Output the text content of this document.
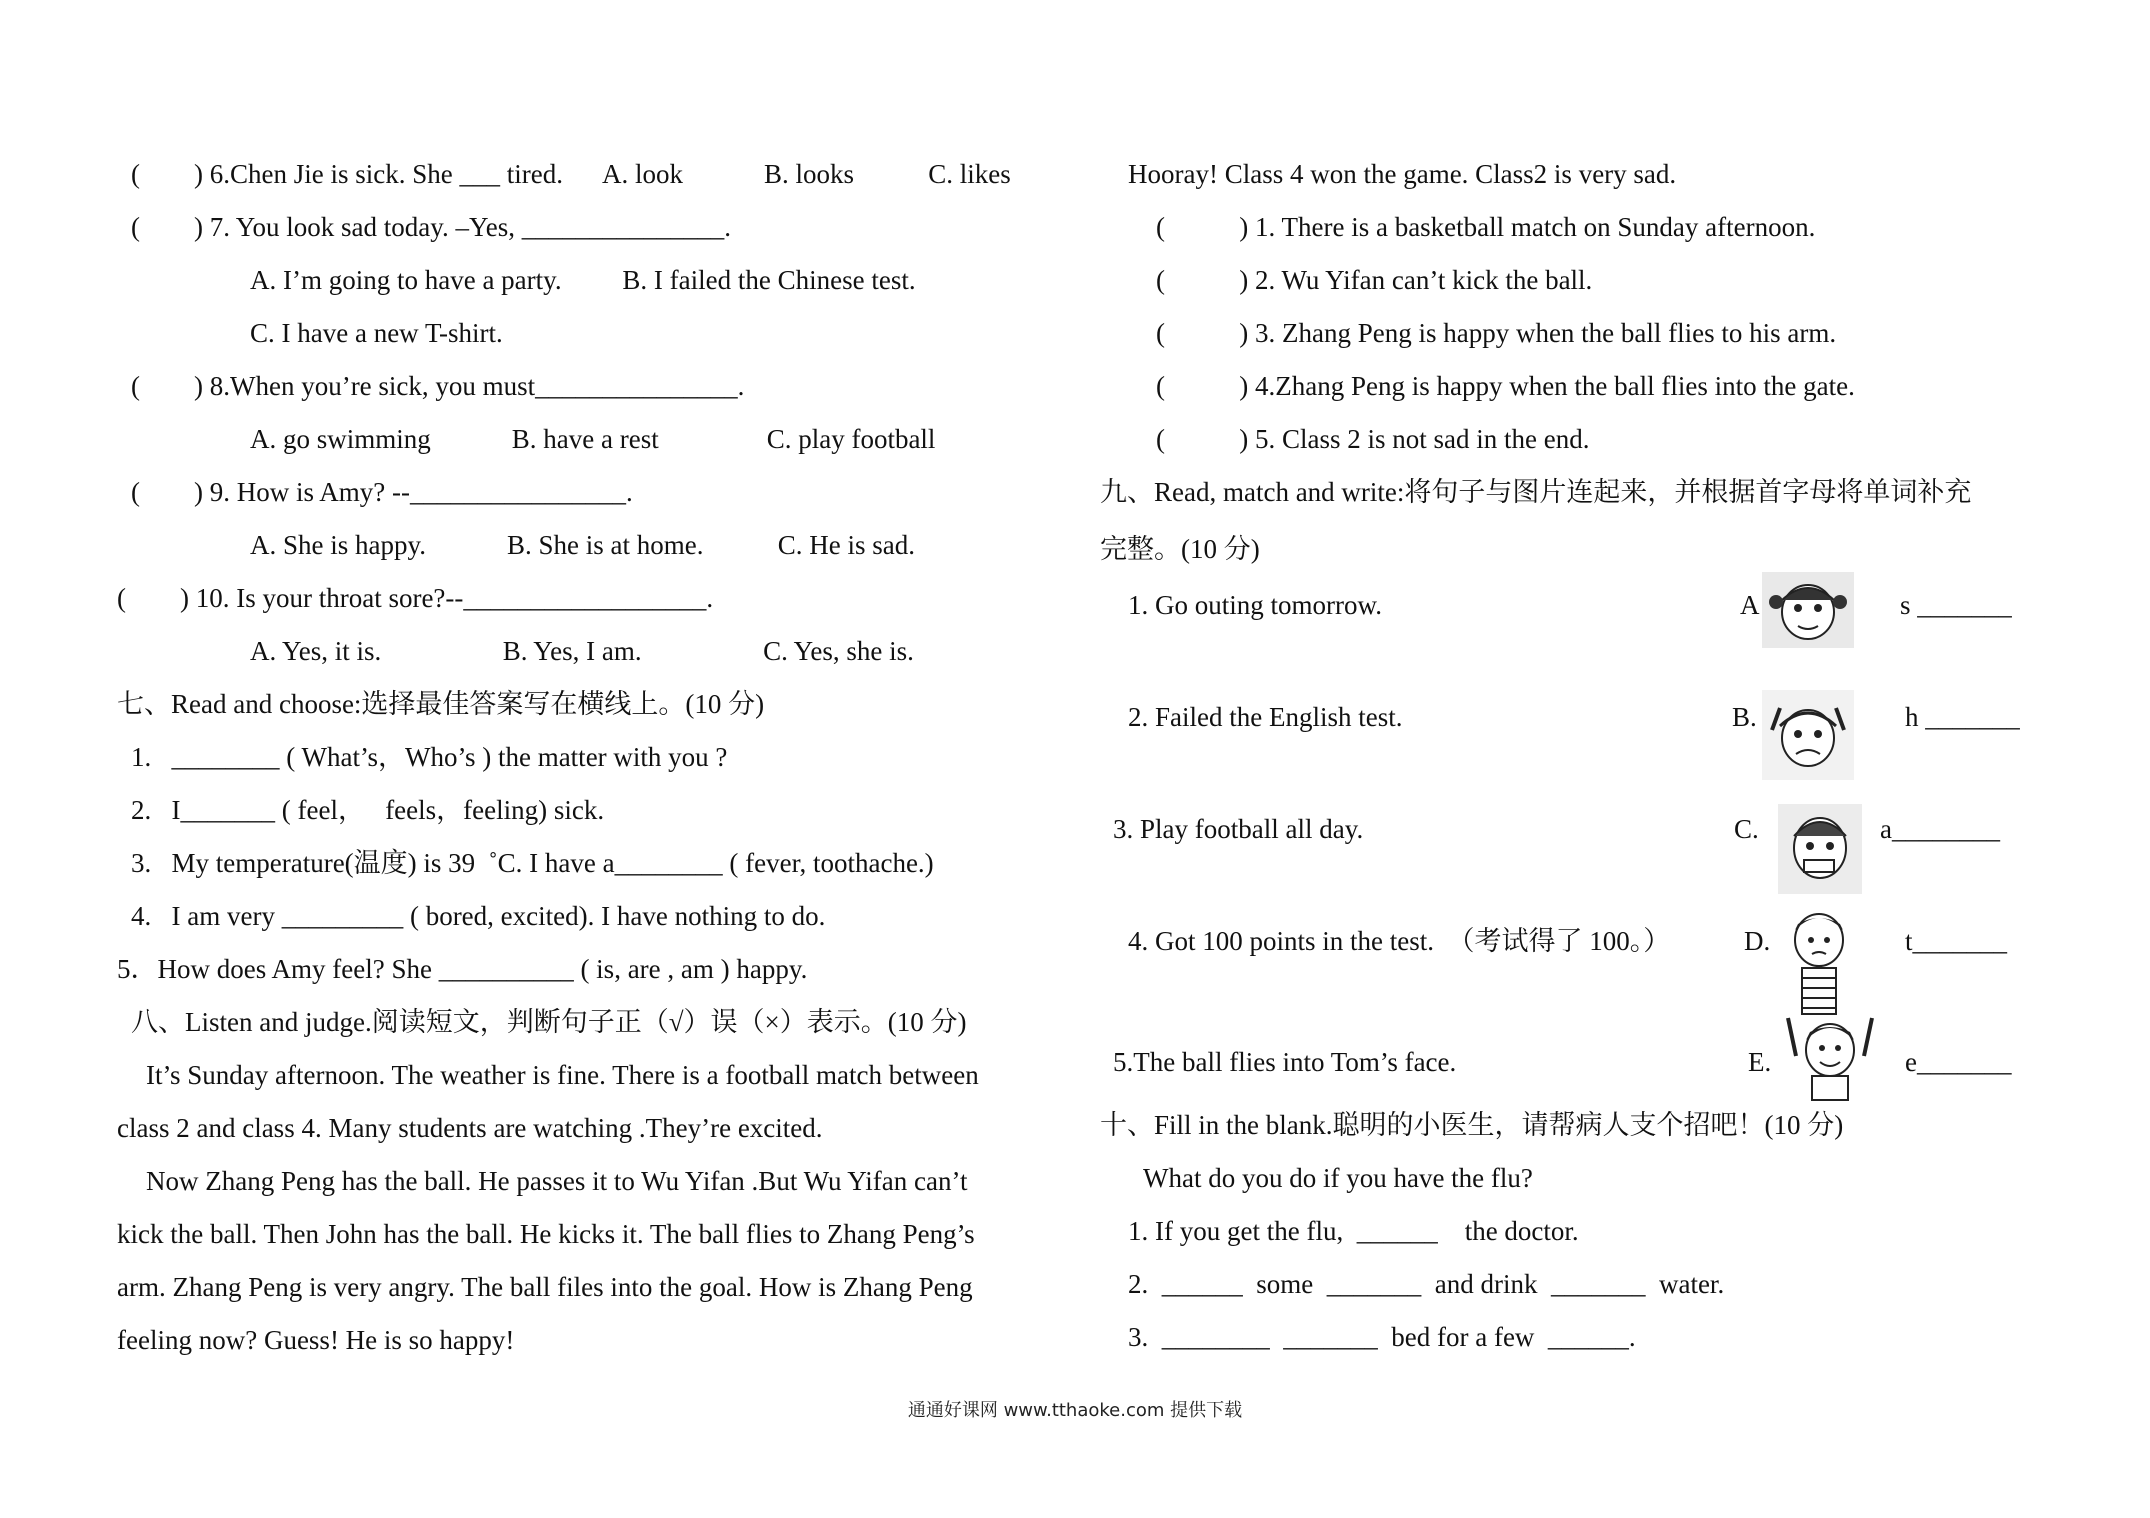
(        ) 6.Chen Jie is sick. She ___ tired.      A. look            B. looks           C. likes
(        ) 7. You look sad today. –Yes, _______________.
A. I’m going to have a party.         B. I failed the Chinese test.
C. I have a new T-shirt.
(        ) 8.When you’re sick, you must_______________.
A. go swimming            B. have a rest                C. play football
(        ) 9. How is Amy? --________________.
A. She is happy.            B. She is at home.           C. He is sad.
(        ) 10. Is your throat sore?--__________________.
A. Yes, it is.                  B. Yes, I am.                  C. Yes, she is.
七、Read and choose:选择最佳答案写在横线上。(10 分)
1.   ________ ( What’s，Who’s ) the matter with you ?
2.   I_______ ( feel，   feels，feeling) sick.
3.   My temperature(温度) is 39  ˚C. I have a________ ( fever, toothache.)
4.   I am very _________ ( bored, excited). I have nothing to do.
5．How does Amy feel? She __________ ( is, are , am ) happy.
八、Listen and judge.阅读短文，判断句子正（√）误（×）表示。(10 分)
It’s Sunday afternoon. The weather is fine. There is a football match between
class 2 and class 4. Many students are watching .They’re excited.
Now Zhang Peng has the ball. He passes it to Wu Yifan .But Wu Yifan can’t
kick the ball. Then John has the ball. He kicks it. The ball flies to Zhang Peng’s
arm. Zhang Peng is very angry. The ball files into the goal. How is Zhang Peng
feeling now? Guess! He is so happy!
Hooray! Class 4 won the game. Class2 is very sad.
(           ) 1. There is a basketball match on Sunday afternoon.
(           ) 2. Wu Yifan can’t kick the ball.
(           ) 3. Zhang Peng is happy when the ball flies to his arm.
(           ) 4.Zhang Peng is happy when the ball flies into the gate.
(           ) 5. Class 2 is not sad in the end.
九、Read, match and write:将句子与图片连起来，并根据首字母将单词补充
完整。(10 分)
1. Go outing tomorrow.	A	s _______
2. Failed the English test.	B.	h _______
3. Play football all day.	C.	a________
4. Got 100 points in the test.  （考试得了 100。）	D.	t_______
5.The ball flies into Tom’s face.	E.	e_______
十、Fill in the blank.聪明的小医生，请帮病人支个招吧！(10 分)
What do you do if you have the flu?
1. If you get the flu,  ______    the doctor.
2.  ______  some  _______  and drink  _______  water.
3.  ________  _______  bed for a few  ______.
通通好课网 www.tthaoke.com 提供下载
